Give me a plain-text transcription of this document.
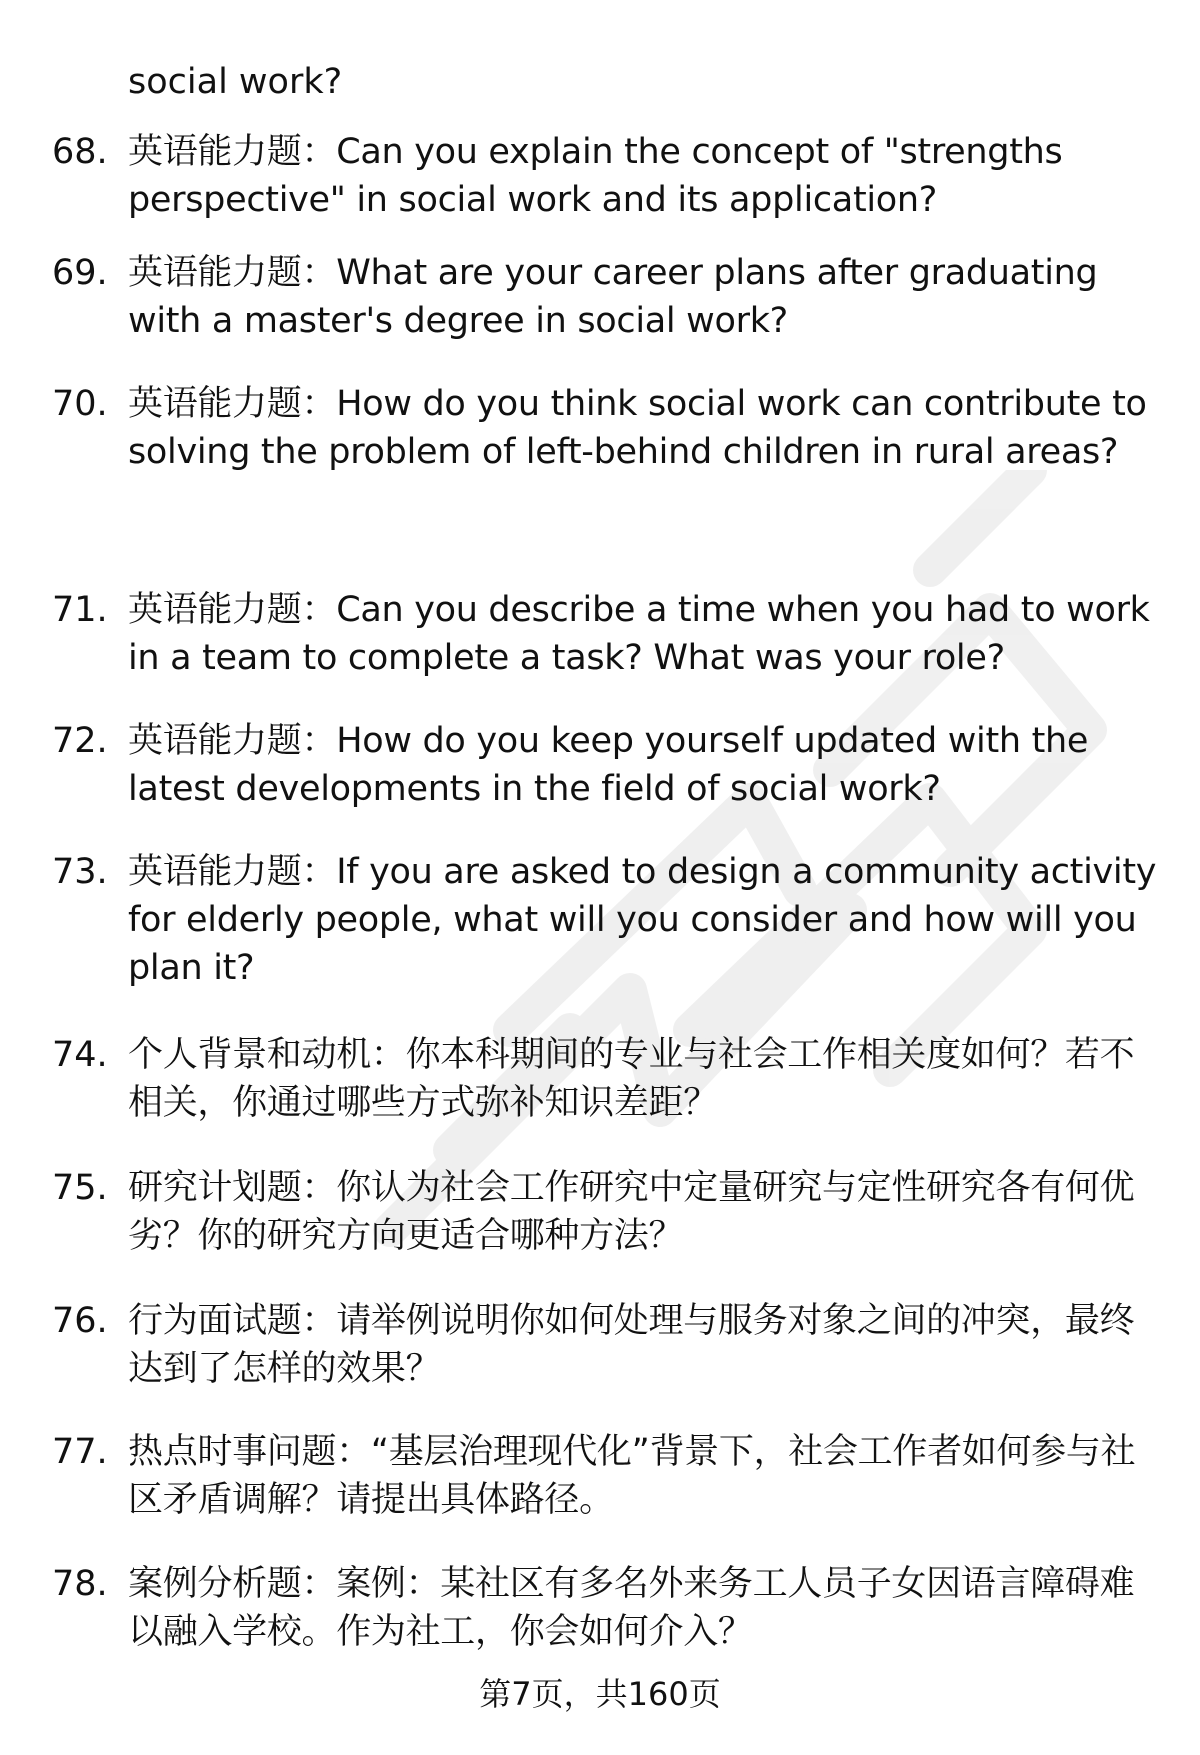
social work?
68. 英语能力题：Can you explain the concept of "strengths perspective" in social work and its application?
69. 英语能力题：What are your career plans after graduating with a master's degree in social work?
70. 英语能力题：How do you think social work can contribute to solving the problem of left-behind children in rural areas?
71. 英语能力题：Can you describe a time when you had to work in a team to complete a task? What was your role?
72. 英语能力题：How do you keep yourself updated with the latest developments in the field of social work?
73. 英语能力题：If you are asked to design a community activity for elderly people, what will you consider and how will you plan it?
74. 个人背景和动机：你本科期间的专业与社会工作相关度如何？若不相关，你通过哪些方式弥补知识差距？
75. 研究计划题：你认为社会工作研究中定量研究与定性研究各有何优劣？你的研究方向更适合哪种方法？
76. 行为面试题：请举例说明你如何处理与服务对象之间的冲突，最终达到了怎样的效果？
77. 热点时事问题：“基层治理现代化”背景下，社会工作者如何参与社区矛盾调解？请提出具体路径。
78. 案例分析题：案例：某社区有多名外来务工人员子女因语言障碍难以融入学校。作为社工，你会如何介入？
第7页，共160页
